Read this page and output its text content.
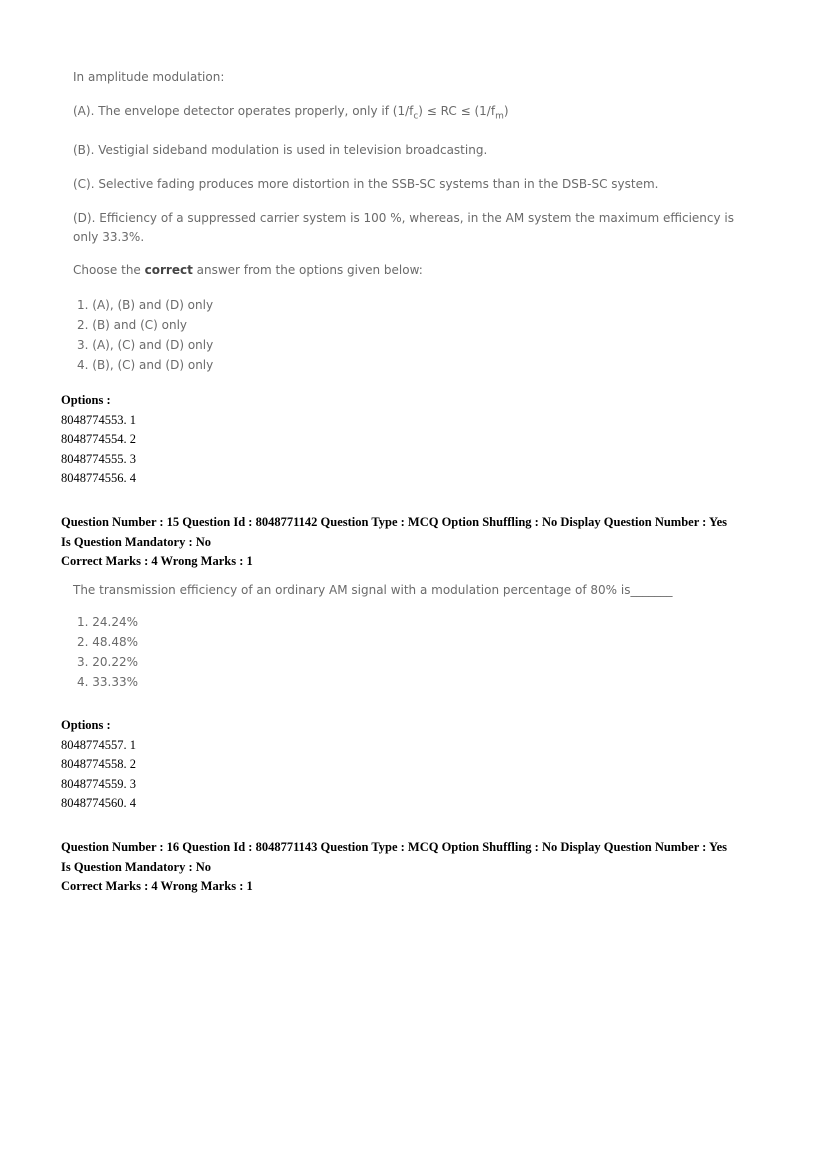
In amplitude modulation:

(A). The envelope detector operates properly, only if $(1/f_c)$ ≤ RC ≤ $(1/f_m)$

(B). Vestigial sideband modulation is used in television broadcasting.

(C). Selective fading produces more distortion in the SSB-SC systems than in the DSB-SC system.

(D). Efficiency of a suppressed carrier system is 100 %, whereas, in the AM system the maximum efficiency is only 33.3%.

Choose the correct answer from the options given below:

1. (A), (B) and (D) only
2. (B) and (C) only
3. (A), (C) and (D) only
4. (B), (C) and (D) only
Options :
8048774553. 1
8048774554. 2
8048774555. 3
8048774556. 4
Question Number : 15 Question Id : 8048771142 Question Type : MCQ Option Shuffling : No Display Question Number : Yes
Is Question Mandatory : No
Correct Marks : 4 Wrong Marks : 1

The transmission efficiency of an ordinary AM signal with a modulation percentage of 80% is_______

1. 24.24%
2. 48.48%
3. 20.22%
4. 33.33%
Options :
8048774557. 1
8048774558. 2
8048774559. 3
8048774560. 4
Question Number : 16 Question Id : 8048771143 Question Type : MCQ Option Shuffling : No Display Question Number : Yes
Is Question Mandatory : No
Correct Marks : 4 Wrong Marks : 1
